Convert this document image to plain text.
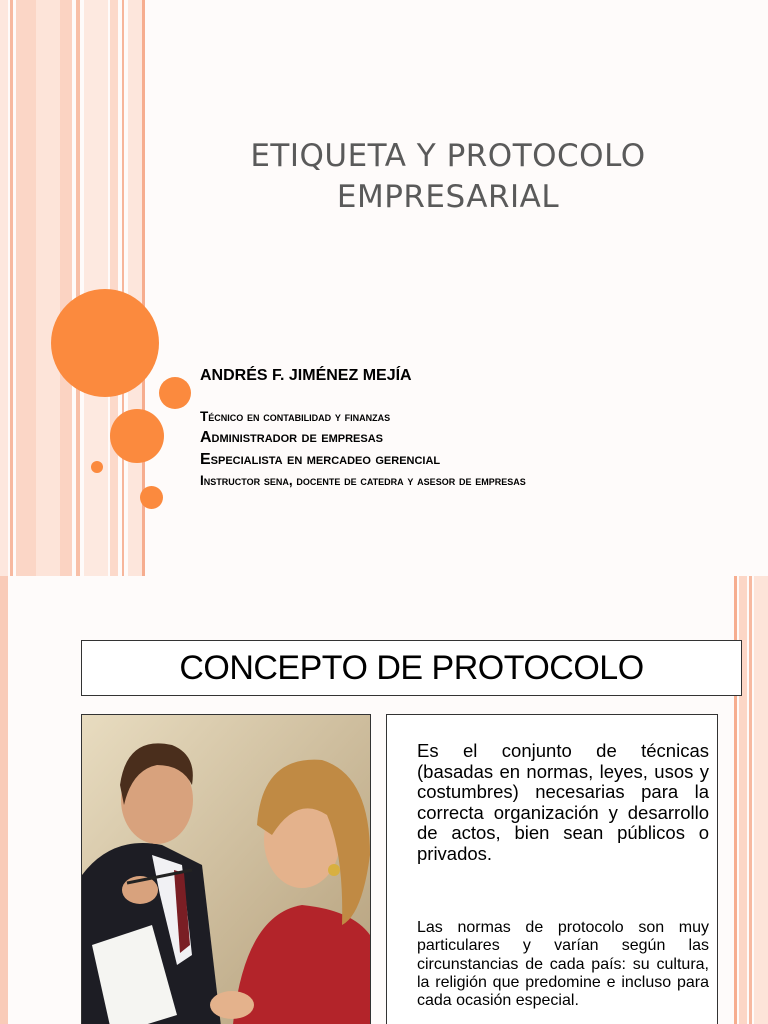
ETIQUETA Y PROTOCOLO
EMPRESARIAL
ANDRÉS F. JIMÉNEZ MEJÍA
Técnico en contabilidad y finanzas
Administrador de empresas
Especialista en mercadeo gerencial
Instructor sena, docente de catedra y asesor de empresas
CONCEPTO DE PROTOCOLO
Es el conjunto de técnicas (basadas en normas, leyes, usos y costumbres) necesarias para la correcta organización y desarrollo de actos, bien sean públicos o privados.
Las normas de protocolo son muy particulares y varían según las circunstancias de cada país: su cultura, la religión que predomine e incluso para cada ocasión especial.
